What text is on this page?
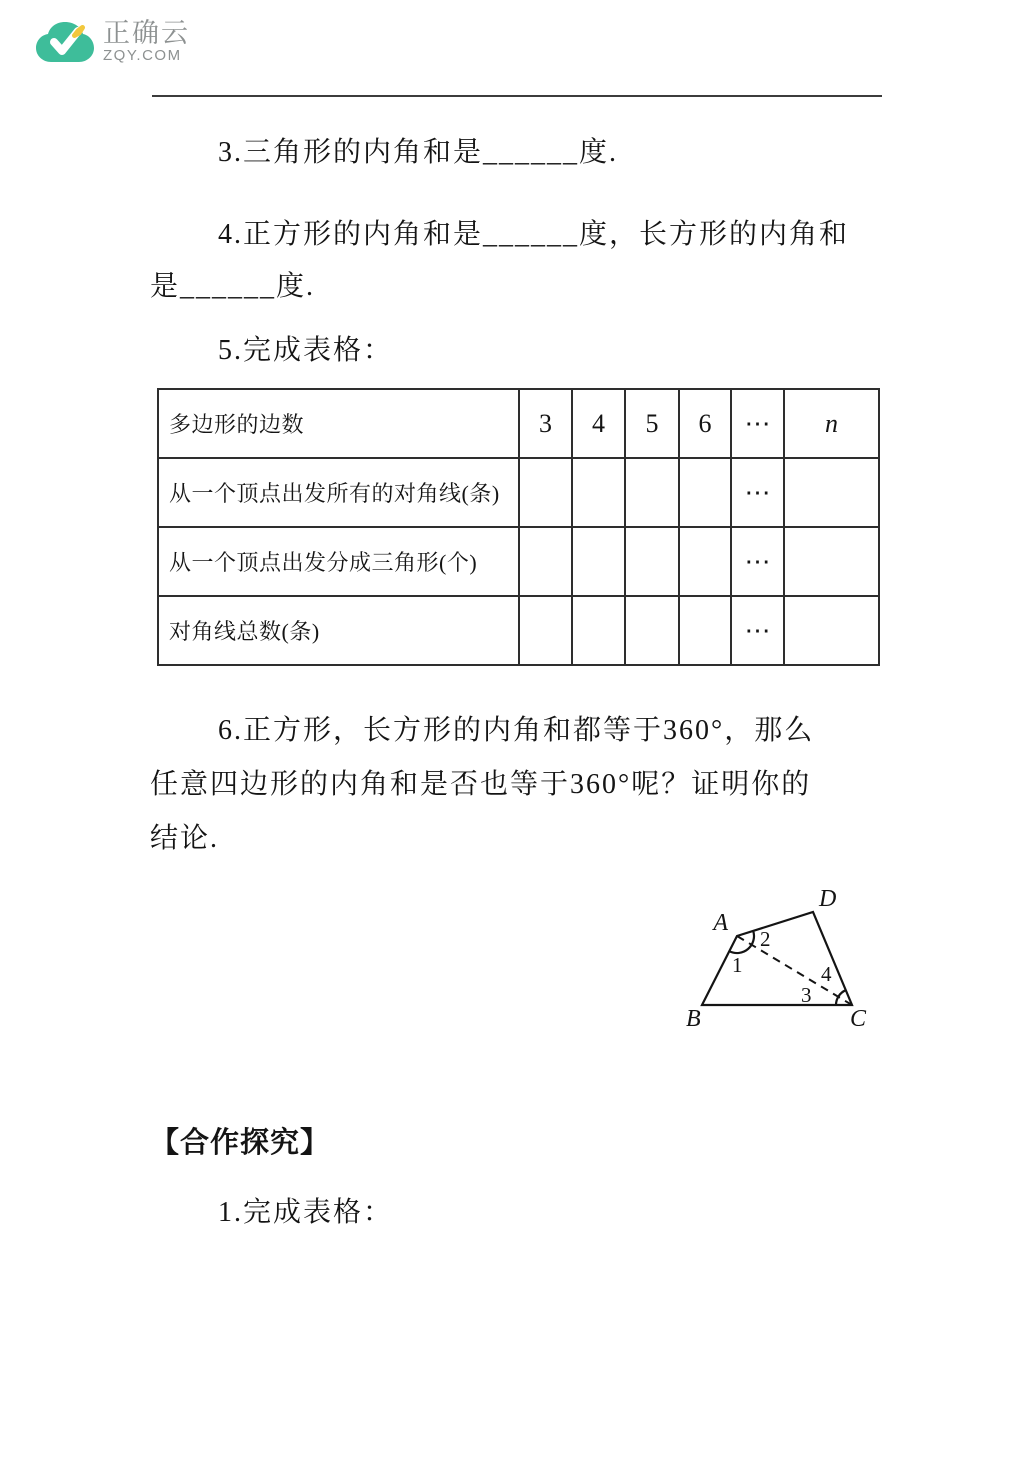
正确云
ZQY.COM
3.三角形的内角和是______度.
4.正方形的内角和是______度，长方形的内角和
是______度.
5.完成表格：
多边形的边数	3	4	5	6	⋯	n
从一个顶点出发所有的对角线(条)					⋯	
从一个顶点出发分成三角形(个)					⋯	
对角线总数(条)					⋯	
6.正方形，长方形的内角和都等于360°，那么
任意四边形的内角和是否也等于360°呢？证明你的
结论.
A
D
B	C
1
2
3
4
【合作探究】
1.完成表格：
